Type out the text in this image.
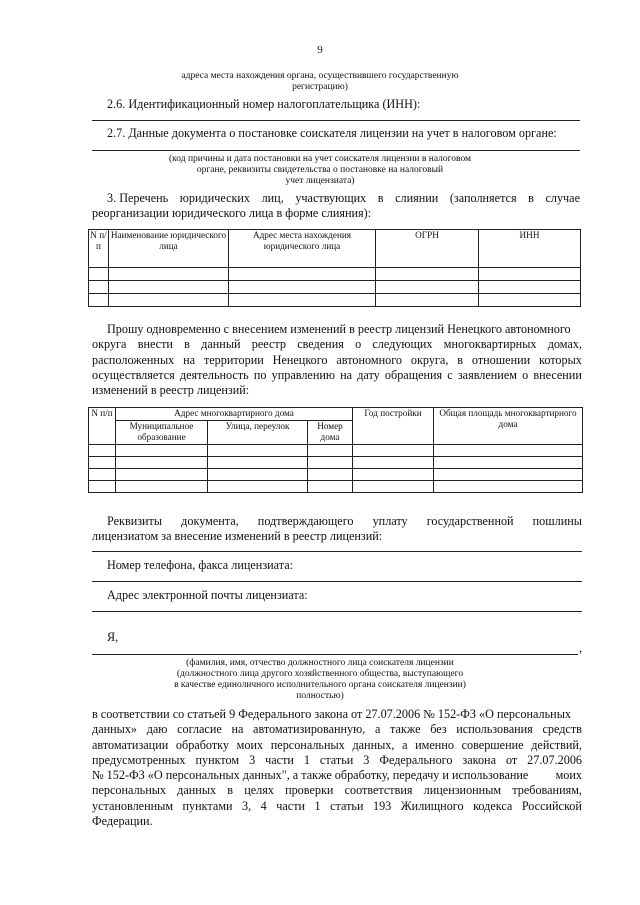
9
адреса места нахождения органа, осуществившего государственную
регистрацию)
2.6. Идентификационный номер налогоплательщика (ИНН):
2.7. Данные документа о постановке соискателя лицензии на учет в налоговом органе:
(код причины и дата постановки на учет соискателя лицензии в налоговом
органе, реквизиты свидетельства о постановке на налоговый
учет лицензиата)
3. Перечень юридических лиц, участвующих в слиянии (заполняется в случае
реорганизации юридического лица в форме слияния):
N п/п	Наименование юридического лица	Адрес места нахождения юридического лица	ОГРН	ИНН

Прошу одновременно с внесением изменений в реестр лицензий Ненецкого автономного
округа внести в данный реестр сведения о следующих многоквартирных домах,
расположенных на территории Ненецкого автономного округа, в отношении которых
осуществляется деятельность по управлению на дату обращения с заявлением о внесении
изменений в реестр лицензий:
N п/п	Адрес многоквартирного дома			Год постройки	Общая площадь многоквартирного дома
	Муниципальное образование	Улица, переулок	Номер дома		

Реквизиты документа, подтверждающего уплату государственной пошлины
лицензиатом за внесение изменений в реестр лицензий:
Номер телефона, факса лицензиата:
Адрес электронной почты лицензиата:
Я,
,
(фамилия, имя, отчество должностного лица соискателя лицензии
(должностного лица другого хозяйственного общества, выступающего
в качестве единоличного исполнительного органа соискателя лицензии)
полностью)
в соответствии со статьей 9 Федерального закона от 27.07.2006 № 152-ФЗ «О персональных
данных» даю согласие на автоматизированную, а также без использования средств
автоматизации обработку моих персональных данных, а именно совершение действий,
предусмотренных пунктом 3 части 1 статьи 3 Федерального закона от 27.07.2006
№ 152-ФЗ «О персональных данных", а также обработку, передачу и использование моих
персональных данных в целях проверки соответствия лицензионным требованиям,
установленным пунктами 3, 4 части 1 статьи 193 Жилищного кодекса Российской
Федерации.
